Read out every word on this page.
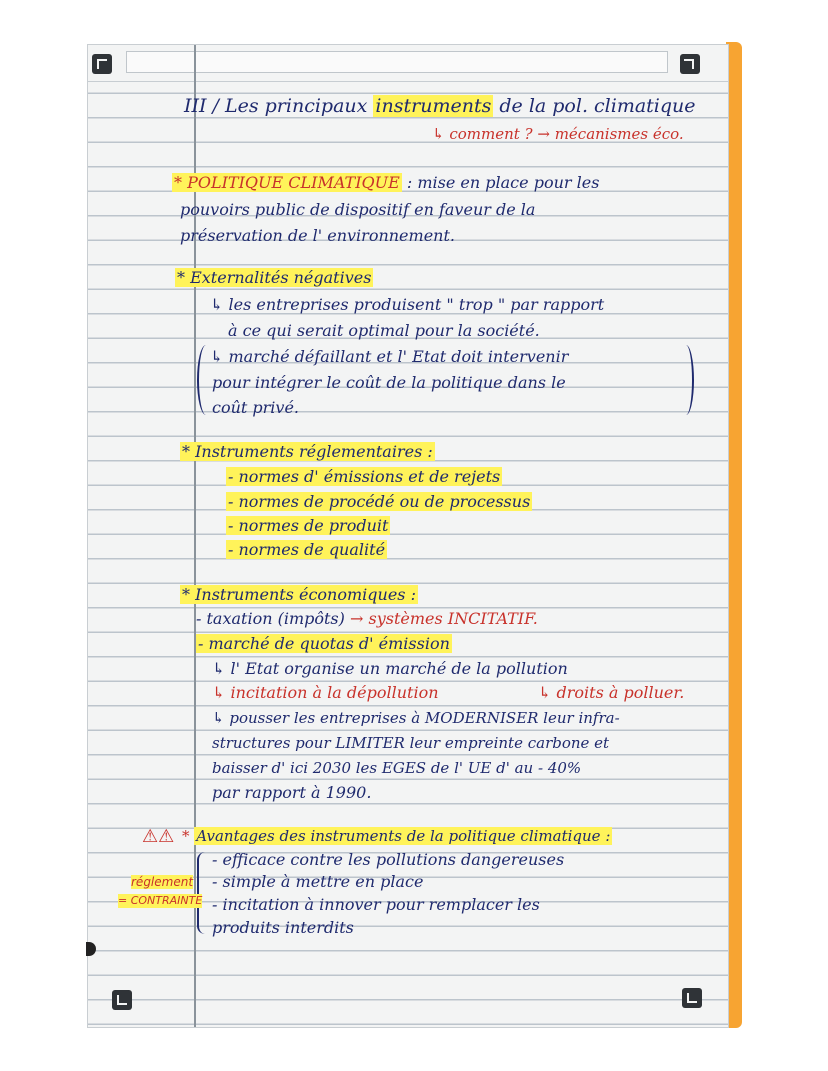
III / Les principaux instruments de la pol. climatique
↳ comment ? → mécanismes éco.
* POLITIQUE CLIMATIQUE : mise en place pour les
pouvoirs public de dispositif en faveur de la
préservation de l' environnement.
* Externalités négatives
↳ les entreprises produisent " trop " par rapport
à ce qui serait optimal pour la société.
↳ marché défaillant et l' Etat doit intervenir
pour intégrer le coût de la politique dans le
coût privé.
* Instruments réglementaires :
- normes d' émissions et de rejets
- normes de procédé ou de processus
- normes de produit
- normes de qualité
* Instruments économiques :
- taxation (impôts) → systèmes INCITATIF.
- marché de quotas d' émission
↳ l' Etat organise un marché de la pollution
↳ incitation à la dépollution	↳ droits à polluer.
↳ pousser les entreprises à MODERNISER leur infra-
structures pour LIMITER leur empreinte carbone et
baisser d' ici 2030 les EGES de l' UE d' au - 40%
par rapport à 1990.
⚠⚠ * Avantages des instruments de la politique climatique :
- efficace contre les pollutions dangereuses
- simple à mettre en place
- incitation à innover pour remplacer les
produits interdits
réglement
= CONTRAINTE
